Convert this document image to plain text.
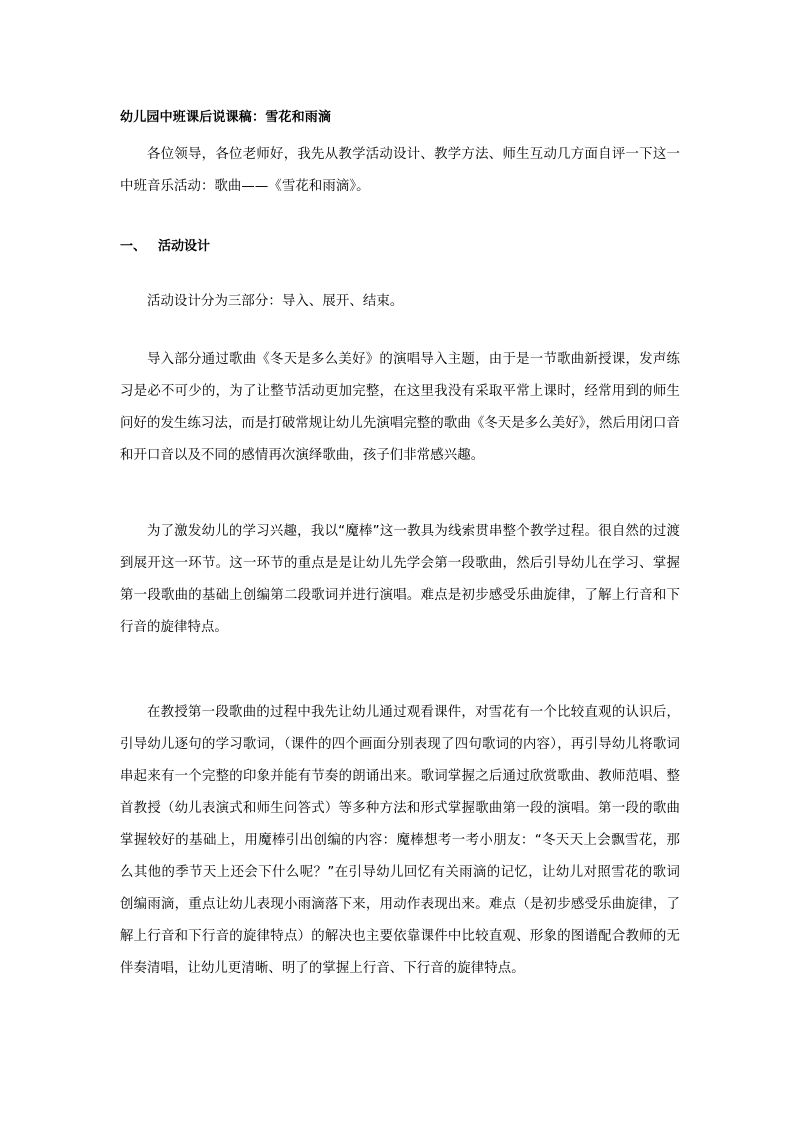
幼儿园中班课后说课稿：雪花和雨滴
各位领导，各位老师好，我先从教学活动设计、教学方法、师生互动几方面自评一下这一中班音乐活动：歌曲——《雪花和雨滴》。
一、 活动设计
活动设计分为三部分：导入、展开、结束。
导入部分通过歌曲《冬天是多么美好》的演唱导入主题，由于是一节歌曲新授课，发声练习是必不可少的，为了让整节活动更加完整，在这里我没有采取平常上课时，经常用到的师生问好的发生练习法，而是打破常规让幼儿先演唱完整的歌曲《冬天是多么美好》，然后用闭口音和开口音以及不同的感情再次演绎歌曲，孩子们非常感兴趣。
为了激发幼儿的学习兴趣，我以“魔棒”这一教具为线索贯串整个教学过程。很自然的过渡到展开这一环节。这一环节的重点是是让幼儿先学会第一段歌曲，然后引导幼儿在学习、掌握第一段歌曲的基础上创编第二段歌词并进行演唱。难点是初步感受乐曲旋律，了解上行音和下行音的旋律特点。
在教授第一段歌曲的过程中我先让幼儿通过观看课件，对雪花有一个比较直观的认识后，引导幼儿逐句的学习歌词，（课件的四个画面分别表现了四句歌词的内容），再引导幼儿将歌词串起来有一个完整的印象并能有节奏的朗诵出来。歌词掌握之后通过欣赏歌曲、教师范唱、整首教授（幼儿表演式和师生问答式）等多种方法和形式掌握歌曲第一段的演唱。第一段的歌曲掌握较好的基础上，用魔棒引出创编的内容：魔棒想考一考小朋友：“冬天天上会飘雪花，那么其他的季节天上还会下什么呢？”在引导幼儿回忆有关雨滴的记忆，让幼儿对照雪花的歌词创编雨滴，重点让幼儿表现小雨滴落下来，用动作表现出来。难点（是初步感受乐曲旋律，了解上行音和下行音的旋律特点）的解决也主要依靠课件中比较直观、形象的图谱配合教师的无伴奏清唱，让幼儿更清晰、明了的掌握上行音、下行音的旋律特点。
